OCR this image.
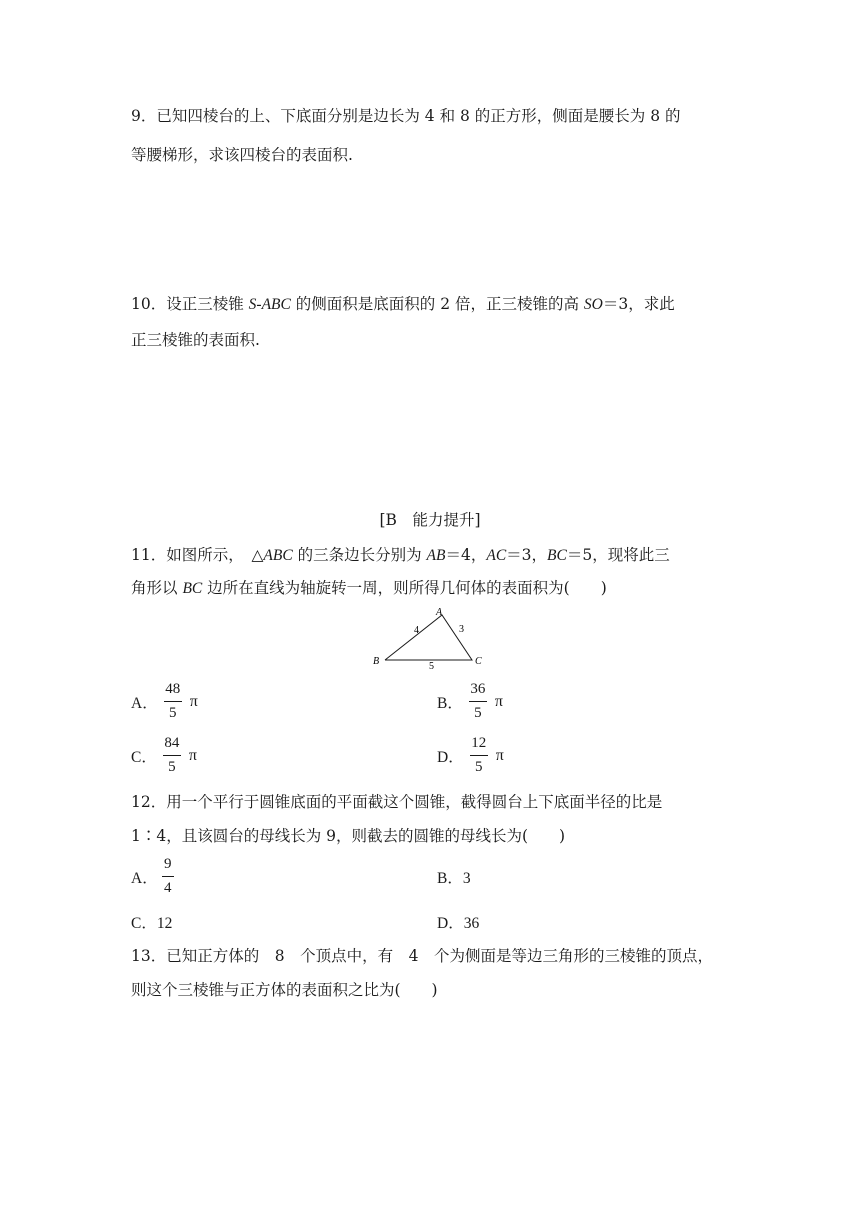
9．已知四棱台的上、下底面分别是边长为 4 和 8 的正方形，侧面是腰长为 8 的
等腰梯形，求该四棱台的表面积.
10．设正三棱锥 S-ABC 的侧面积是底面积的 2 倍，正三棱锥的高 SO＝3，求此
正三棱锥的表面积.
[B　能力提升]
11．如图所示，　△ABC 的三条边长分别为 AB＝4，AC＝3，BC＝5，现将此三
角形以 BC 边所在直线为轴旋转一周，则所得几何体的表面积为(　　)
A
B	C
4	3
5
A． $\frac{48}{5}$ π	B． $\frac{36}{5}$ π
C． $\frac{84}{5}$ π	D． $\frac{12}{5}$ π
12．用一个平行于圆锥底面的平面截这个圆锥，截得圆台上下底面半径的比是
1∶4，且该圆台的母线长为 9，则截去的圆锥的母线长为(　　)
A． $\frac{9}{4}$	B．3
C．12	D．36
13．已知正方体的　8　个顶点中，有　4　个为侧面是等边三角形的三棱锥的顶点，
则这个三棱锥与正方体的表面积之比为(　　)
